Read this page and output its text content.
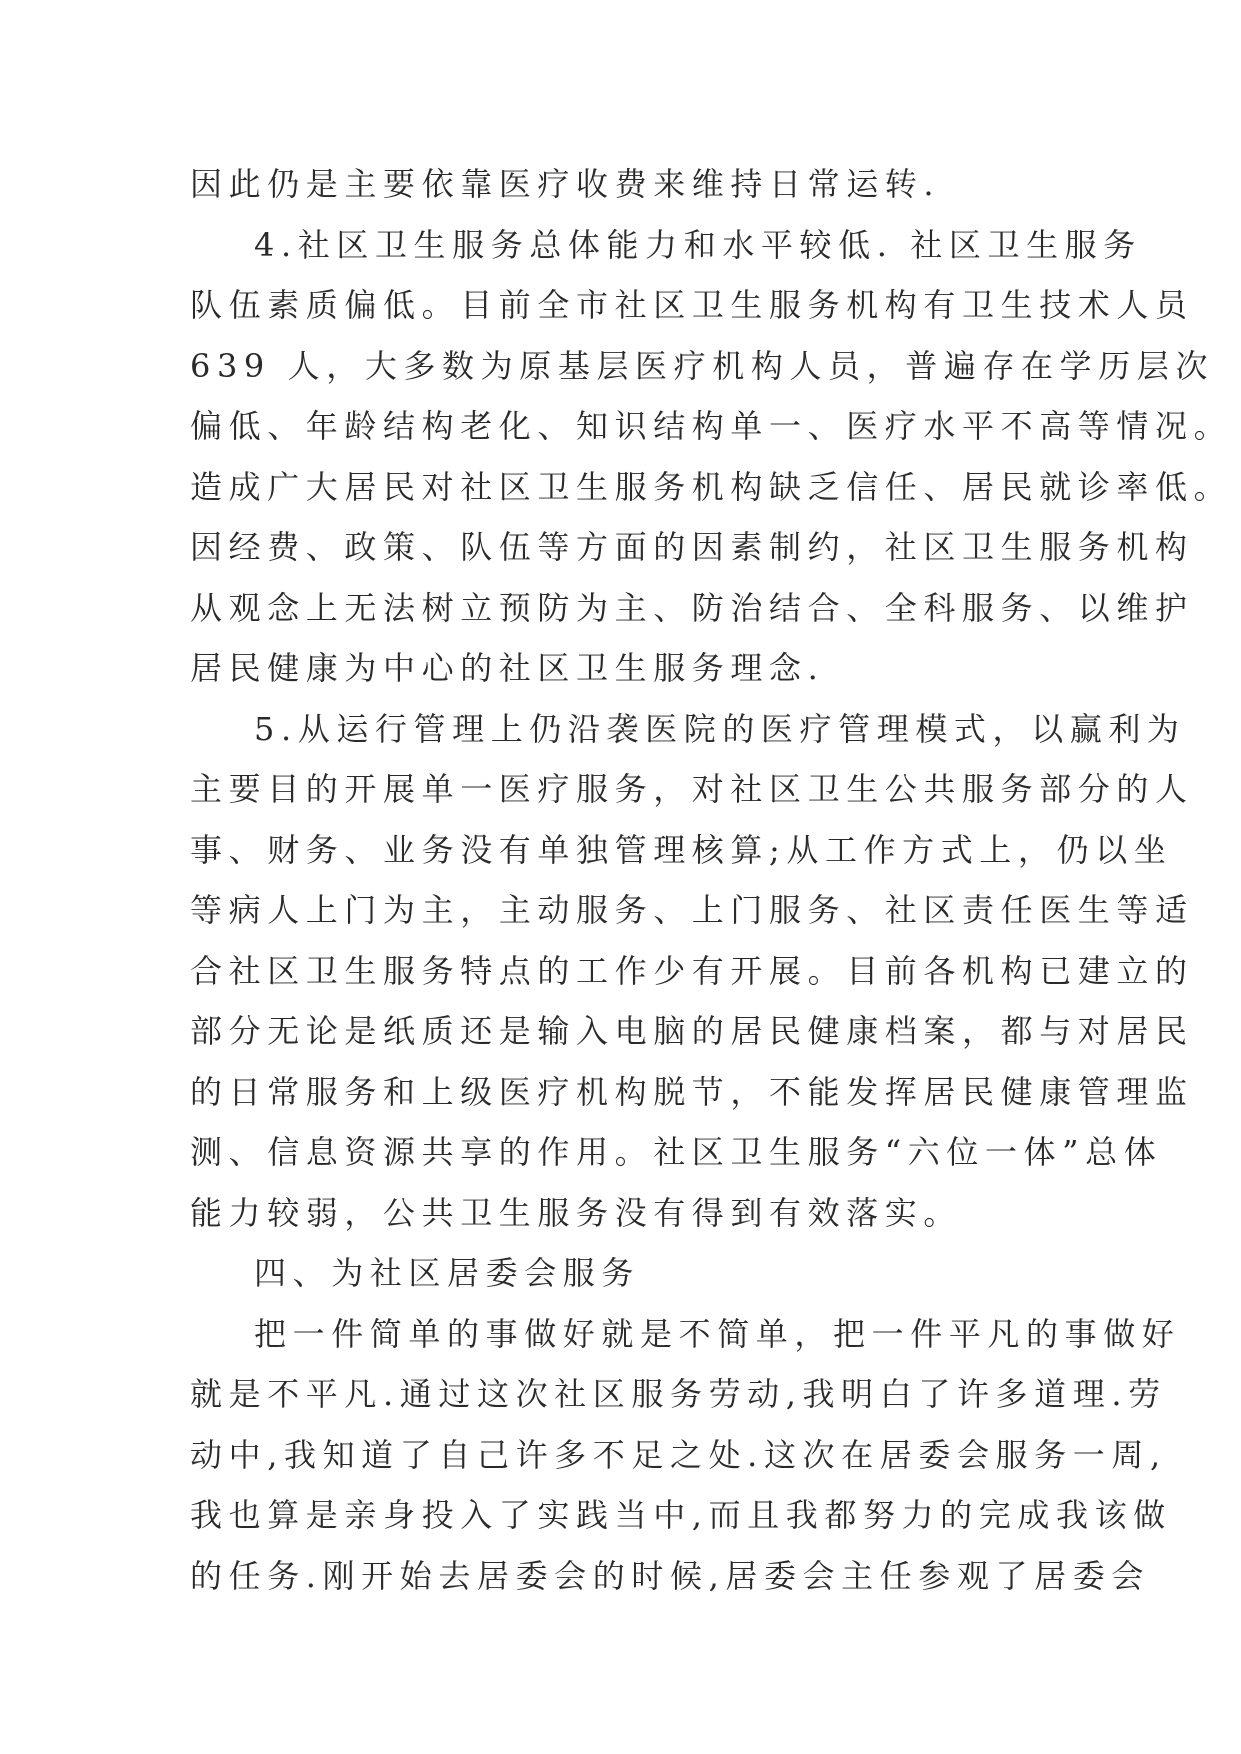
因此仍是主要依靠医疗收费来维持日常运转.
4.社区卫生服务总体能力和水平较低. 社区卫生服务
队伍素质偏低。目前全市社区卫生服务机构有卫生技术人员
639 人，大多数为原基层医疗机构人员，普遍存在学历层次
偏低、年龄结构老化、知识结构单一、医疗水平不高等情况。
造成广大居民对社区卫生服务机构缺乏信任、居民就诊率低。
因经费、政策、队伍等方面的因素制约，社区卫生服务机构
从观念上无法树立预防为主、防治结合、全科服务、以维护
居民健康为中心的社区卫生服务理念.
5.从运行管理上仍沿袭医院的医疗管理模式，以赢利为
主要目的开展单一医疗服务，对社区卫生公共服务部分的人
事、财务、业务没有单独管理核算;从工作方式上，仍以坐
等病人上门为主，主动服务、上门服务、社区责任医生等适
合社区卫生服务特点的工作少有开展。目前各机构已建立的
部分无论是纸质还是输入电脑的居民健康档案，都与对居民
的日常服务和上级医疗机构脱节，不能发挥居民健康管理监
测、信息资源共享的作用。社区卫生服务“六位一体”总体
能力较弱，公共卫生服务没有得到有效落实。
四、为社区居委会服务
把一件简单的事做好就是不简单，把一件平凡的事做好
就是不平凡.通过这次社区服务劳动,我明白了许多道理.劳
动中,我知道了自己许多不足之处.这次在居委会服务一周,
我也算是亲身投入了实践当中,而且我都努力的完成我该做
的任务.刚开始去居委会的时候,居委会主任参观了居委会
